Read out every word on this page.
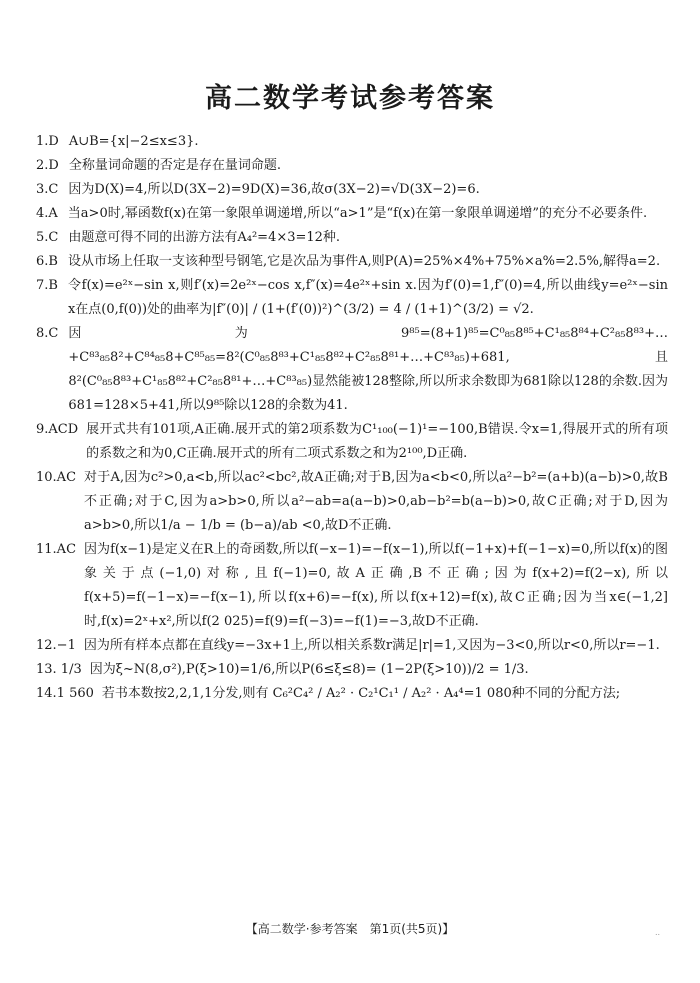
高二数学考试参考答案
1.D A∪B={x|−2≤x≤3}.
2.D 全称量词命题的否定是存在量词命题.
3.C 因为D(X)=4,所以D(3X−2)=9D(X)=36,故σ(3X−2)=√D(3X−2)=6.
4.A 当a>0时,幂函数f(x)在第一象限单调递增,所以“a>1”是“f(x)在第一象限单调递增”的充分不必要条件.
5.C 由题意可得不同的出游方法有A₄²=4×3=12种.
6.B 设从市场上任取一支该种型号钢笔,它是次品为事件A,则P(A)=25%×4%+75%×a%=2.5%,解得a=2.
7.B 令f(x)=e²ˣ−sin x,则f′(x)=2e²ˣ−cos x,f″(x)=4e²ˣ+sin x.因为f′(0)=1,f″(0)=4,所以曲线y=e²ˣ−sin x在点(0,f(0))处的曲率为|f″(0)| / (1+(f′(0))²)^(3/2) = 4 / (1+1)^(3/2) = √2.
8.C 因为9⁸⁵=(8+1)⁸⁵=C⁰₈₅8⁸⁵+C¹₈₅8⁸⁴+C²₈₅8⁸³+…+C⁸³₈₅8²+C⁸⁴₈₅8+C⁸⁵₈₅=8²(C⁰₈₅8⁸³+C¹₈₅8⁸²+C²₈₅8⁸¹+…+C⁸³₈₅)+681,且8²(C⁰₈₅8⁸³+C¹₈₅8⁸²+C²₈₅8⁸¹+…+C⁸³₈₅)显然能被128整除,所以所求余数即为681除以128的余数.因为681=128×5+41,所以9⁸⁵除以128的余数为41.
9.ACD 展开式共有101项,A正确.展开式的第2项系数为C¹₁₀₀(−1)¹=−100,B错误.令x=1,得展开式的所有项的系数之和为0,C正确.展开式的所有二项式系数之和为2¹⁰⁰,D正确.
10.AC 对于A,因为c²>0,a<b,所以ac²<bc²,故A正确;对于B,因为a<b<0,所以a²−b²=(a+b)(a−b)>0,故B不正确;对于C,因为a>b>0,所以a²−ab=a(a−b)>0,ab−b²=b(a−b)>0,故C正确;对于D,因为a>b>0,所以1/a − 1/b = (b−a)/ab <0,故D不正确.
11.AC 因为f(x−1)是定义在R上的奇函数,所以f(−x−1)=−f(x−1),所以f(−1+x)+f(−1−x)=0,所以f(x)的图象关于点(−1,0)对称,且f(−1)=0,故A正确,B不正确;因为f(x+2)=f(2−x),所以f(x+5)=f(−1−x)=−f(x−1),所以f(x+6)=−f(x),所以f(x+12)=f(x),故C正确;因为当x∈(−1,2]时,f(x)=2ˣ+x²,所以f(2 025)=f(9)=f(−3)=−f(1)=−3,故D不正确.
12.−1 因为所有样本点都在直线y=−3x+1上,所以相关系数r满足|r|=1,又因为−3<0,所以r<0,所以r=−1.
13. 1/3 因为ξ~N(8,σ²),P(ξ>10)=1/6,所以P(6≤ξ≤8)= (1−2P(ξ>10))/2 = 1/3.
14.1 560 若书本数按2,2,1,1分发,则有 C₆²C₄² / A₂² · C₂¹C₁¹ / A₂² · A₄⁴=1 080种不同的分配方法;
【高二数学·参考答案　第1页(共5页)】	..
